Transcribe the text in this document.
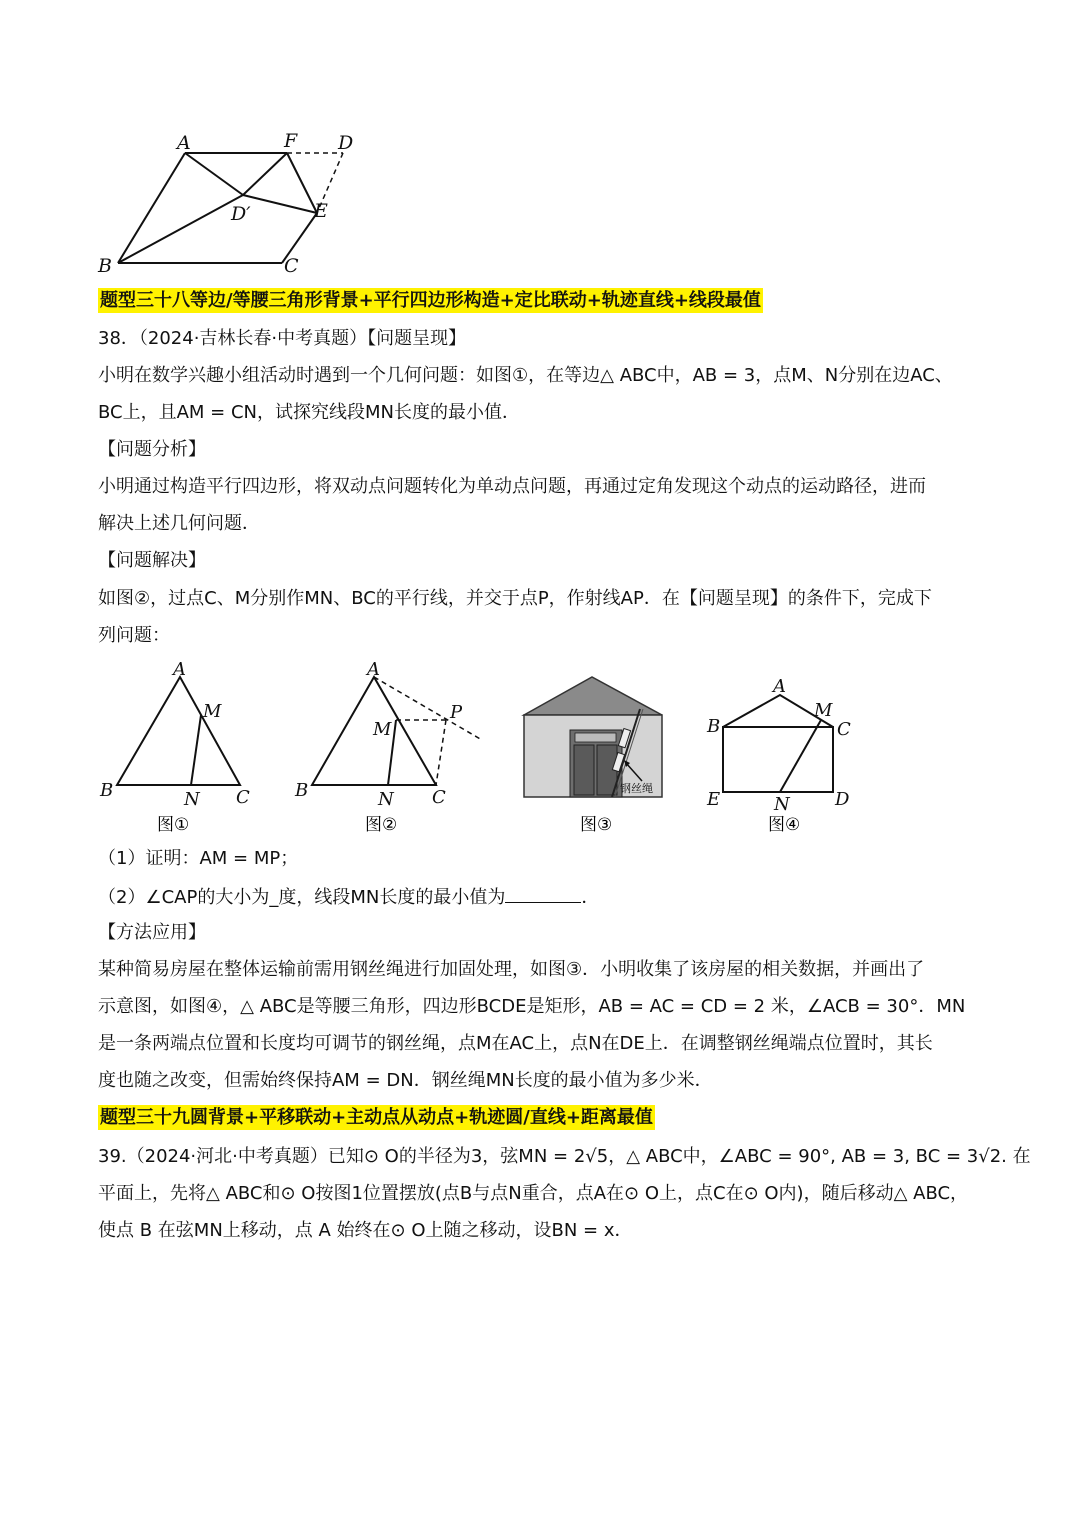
A	F D
D′	E
B	C
题型三十八等边/等腰三角形背景+平行四边形构造+定比联动+轨迹直线+线段最值
38．（2024·吉林长春·中考真题）【问题呈现】
小明在数学兴趣小组活动时遇到一个几何问题：如图①，在等边△ ABC中，AB = 3，点M、N分别在边AC、
BC上，且AM = CN，试探究线段MN长度的最小值．
【问题分析】
小明通过构造平行四边形，将双动点问题转化为单动点问题，再通过定角发现这个动点的运动路径，进而
解决上述几何问题．
【问题解决】
如图②，过点C、M分别作MN、BC的平行线，并交于点P，作射线AP．在【问题呈现】的条件下，完成下
列问题：
A
M
B	N C
图①
A
P
M
B	N C
图②
钢丝绳
图③
A
M
B	C
E	N	D
图④
（1）证明：AM = MP；
（2）∠CAP的大小为_度，线段MN长度的最小值为	．
【方法应用】
某种简易房屋在整体运输前需用钢丝绳进行加固处理，如图③．小明收集了该房屋的相关数据，并画出了
示意图，如图④，△ ABC是等腰三角形，四边形BCDE是矩形，AB = AC = CD = 2 米，∠ACB = 30°．MN
是一条两端点位置和长度均可调节的钢丝绳，点M在AC上，点N在DE上．在调整钢丝绳端点位置时，其长
度也随之改变，但需始终保持AM = DN．钢丝绳MN长度的最小值为多少米．
题型三十九圆背景+平移联动+主动点从动点+轨迹圆/直线+距离最值
39.（2024·河北·中考真题）已知⊙ O的半径为3，弦MN = 2√5，△ ABC中，∠ABC = 90°, AB = 3, BC = 3√2. 在
平面上，先将△ ABC和⊙ O按图1位置摆放(点B与点N重合，点A在⊙ O上，点C在⊙ O内)，随后移动△ ABC，
使点 B 在弦MN上移动，点 A 始终在⊙ O上随之移动，设BN = x．
